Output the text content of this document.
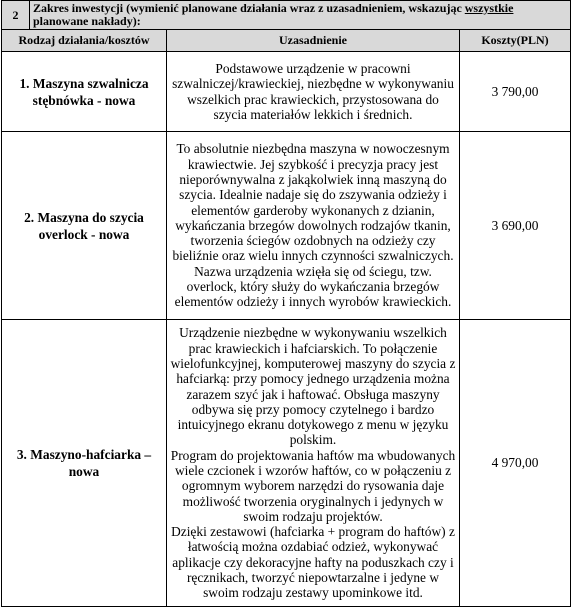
2	Zakres inwestycji (wymienić planowane działania wraz z uzasadnieniem, wskazując wszystkie planowane nakłady):		
Rodzaj działania/kosztów		Uzasadnienie	Koszty(PLN)
1. Maszyna szwalnicza stębnówka - nowa		Podstawowe urządzenie w pracowni szwalniczej/krawieckiej, niezbędne w wykonywaniu wszelkich prac krawieckich, przystosowana do szycia materiałów lekkich i średnich.	3 790,00
2. Maszyna do szycia overlock - nowa		To absolutnie niezbędna maszyna w nowoczesnym krawiectwie. Jej szybkość i precyzja pracy jest nieporównywalna z jakąkolwiek inną maszyną do szycia. Idealnie nadaje się do zszywania odzieży i elementów garderoby wykonanych z dzianin, wykańczania brzegów dowolnych rodzajów tkanin, tworzenia ściegów ozdobnych na odzieży czy bieliźnie oraz wielu innych czynności szwalniczych. Nazwa urządzenia wzięła się od ściegu, tzw. overlock, który służy do wykańczania brzegów elementów odzieży i innych wyrobów krawieckich.	3 690,00
3. Maszyno-hafciarka – nowa		Urządzenie niezbędne w wykonywaniu wszelkich prac krawieckich i hafciarskich. To połączenie wielofunkcyjnej, komputerowej maszyny do szycia z hafciarką: przy pomocy jednego urządzenia można zarazem szyć jak i haftować. Obsługa maszyny odbywa się przy pomocy czytelnego i bardzo intuicyjnego ekranu dotykowego z menu w języku polskim.
Program do projektowania haftów ma wbudowanych wiele czcionek i wzorów haftów, co w połączeniu z ogromnym wyborem narzędzi do rysowania daje możliwość tworzenia oryginalnych i jedynych w swoim rodzaju projektów.
Dzięki zestawowi (hafciarka + program do haftów) z łatwością można ozdabiać odzież, wykonywać aplikacje czy dekoracyjne hafty na poduszkach czy i ręcznikach, tworzyć niepowtarzalne i jedyne w swoim rodzaju zestawy upominkowe itd.	4 970,00
